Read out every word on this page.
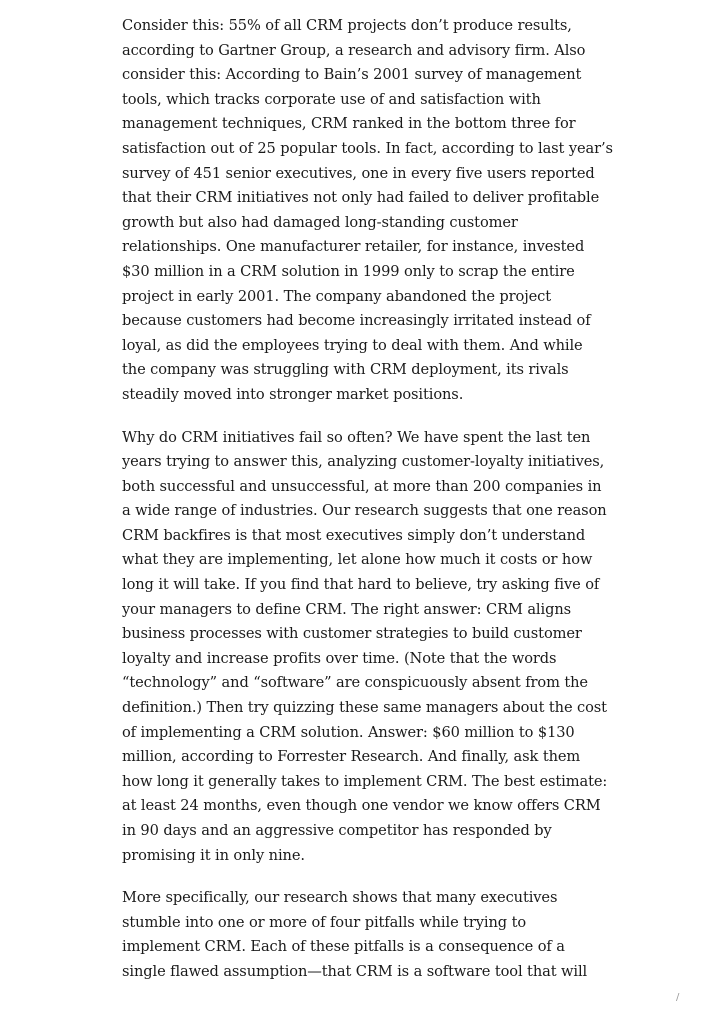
Consider this: 55% of all CRM projects don’t produce results,
according to Gartner Group, a research and advisory firm. Also
consider this: According to Bain’s 2001 survey of management
tools, which tracks corporate use of and satisfaction with
management techniques, CRM ranked in the bottom three for
satisfaction out of 25 popular tools. In fact, according to last year’s
survey of 451 senior executives, one in every five users reported
that their CRM initiatives not only had failed to deliver profitable
growth but also had damaged long-standing customer
relationships. One manufacturer retailer, for instance, invested
$30 million in a CRM solution in 1999 only to scrap the entire
project in early 2001. The company abandoned the project
because customers had become increasingly irritated instead of
loyal, as did the employees trying to deal with them. And while
the company was struggling with CRM deployment, its rivals
steadily moved into stronger market positions.

Why do CRM initiatives fail so often? We have spent the last ten
years trying to answer this, analyzing customer-loyalty initiatives,
both successful and unsuccessful, at more than 200 companies in
a wide range of industries. Our research suggests that one reason
CRM backfires is that most executives simply don’t understand
what they are implementing, let alone how much it costs or how
long it will take. If you find that hard to believe, try asking five of
your managers to define CRM. The right answer: CRM aligns
business processes with customer strategies to build customer
loyalty and increase profits over time. (Note that the words
“technology” and “software” are conspicuously absent from the
definition.) Then try quizzing these same managers about the cost
of implementing a CRM solution. Answer: $60 million to $130
million, according to Forrester Research. And finally, ask them
how long it generally takes to implement CRM. The best estimate:
at least 24 months, even though one vendor we know offers CRM
in 90 days and an aggressive competitor has responded by
promising it in only nine.

More specifically, our research shows that many executives
stumble into one or more of four pitfalls while trying to
implement CRM. Each of these pitfalls is a consequence of a
single flawed assumption—that CRM is a software tool that will

/
